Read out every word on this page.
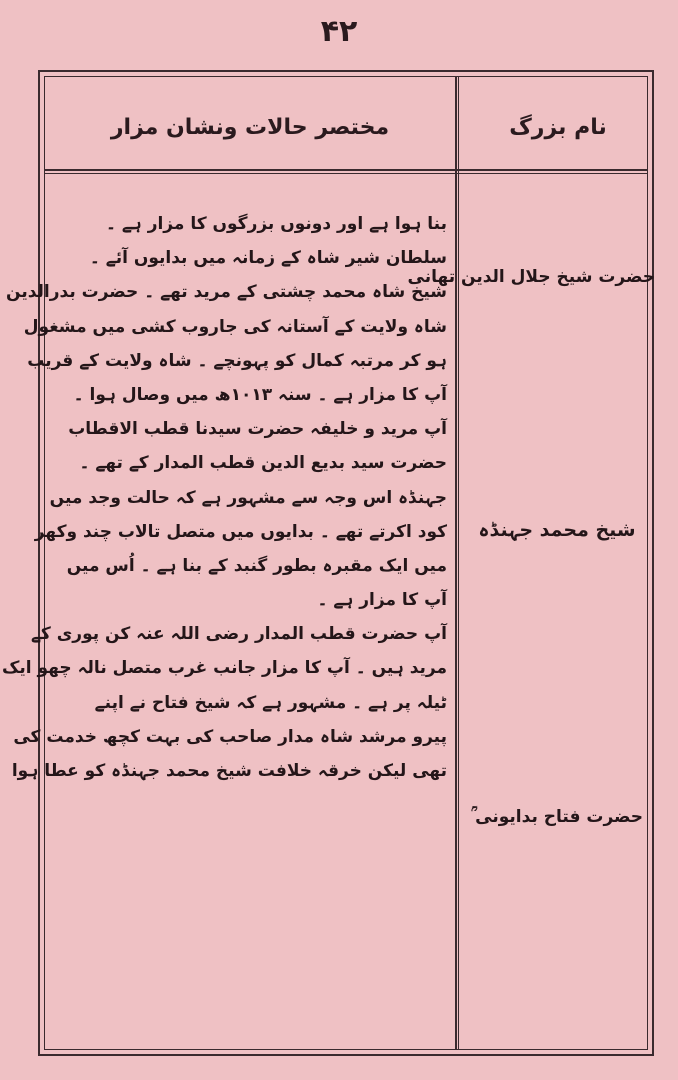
۴۲
مختصر حالات ونشان مزار	نام بزرگ
حضرت شیخ جلال الدین تھانی
شیخ محمد جہنڈہ
حضرت فتاح بدایونی ؒ
بنا ہوا ہے اور دونوں بزرگوں کا مزار ہے ۔
سلطان شیر شاہ کے زمانہ میں بدایوں آئے ۔
شیخ شاہ محمد چشتی کے مرید تھے ۔ حضرت بدرالدین
شاہ ولایت کے آستانہ کی جاروب کشی میں مشغول
ہو کر مرتبہ کمال کو پہونچے ۔ شاہ ولایت کے قریب
آپ کا مزار ہے ۔ سنہ ۱۰۱۳ھ میں وصال ہوا ۔
آپ مرید و خلیفہ حضرت سیدنا قطب الاقطاب
حضرت سید بدیع الدین قطب المدار کے تھے ۔
جہنڈہ اس وجہ سے مشہور ہے کہ حالت وجد میں
کود اکرتے تھے ۔ بدایوں میں متصل تالاب چند وکھر
میں ایک مقبرہ بطور گنبد کے بنا ہے ۔ اُس میں
آپ کا مزار ہے ۔
آپ حضرت قطب المدار رضی اللہ عنہ کن پوری کے
مرید ہیں ۔ آپ کا مزار جانب غرب متصل نالہ چھو ایک
ٹیلہ پر ہے ۔ مشہور ہے کہ شیخ فتاح نے اپنے
پیرو مرشد شاہ مدار صاحب کی بہت کچھ خدمت کی
تھی لیکن خرقہ خلافت شیخ محمد جہنڈہ کو عطا ہوا
